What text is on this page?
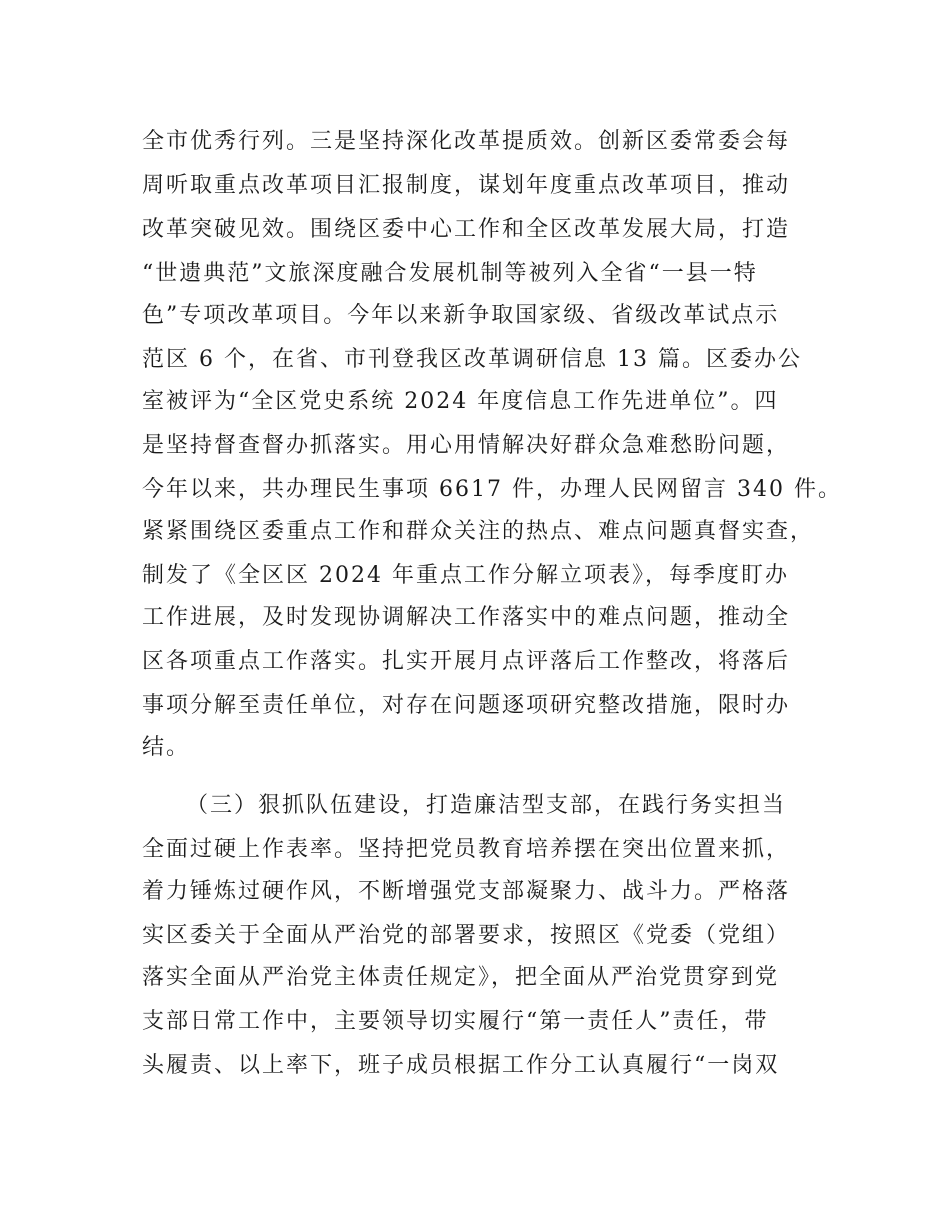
全市优秀行列。三是坚持深化改革提质效。创新区委常委会每
周听取重点改革项目汇报制度，谋划年度重点改革项目，推动
改革突破见效。围绕区委中心工作和全区改革发展大局，打造
“世遗典范”文旅深度融合发展机制等被列入全省“一县一特
色”专项改革项目。今年以来新争取国家级、省级改革试点示
范区 6 个，在省、市刊登我区改革调研信息 13 篇。区委办公
室被评为“全区党史系统 2024 年度信息工作先进单位”。四
是坚持督查督办抓落实。用心用情解决好群众急难愁盼问题，
今年以来，共办理民生事项 6617 件，办理人民网留言 340 件。
紧紧围绕区委重点工作和群众关注的热点、难点问题真督实查，
制发了《全区区 2024 年重点工作分解立项表》，每季度盯办
工作进展，及时发现协调解决工作落实中的难点问题，推动全
区各项重点工作落实。扎实开展月点评落后工作整改，将落后
事项分解至责任单位，对存在问题逐项研究整改措施，限时办
结。
（三）狠抓队伍建设，打造廉洁型支部，在践行务实担当
全面过硬上作表率。坚持把党员教育培养摆在突出位置来抓，
着力锤炼过硬作风，不断增强党支部凝聚力、战斗力。严格落
实区委关于全面从严治党的部署要求，按照区《党委（党组）
落实全面从严治党主体责任规定》，把全面从严治党贯穿到党
支部日常工作中，主要领导切实履行“第一责任人”责任，带
头履责、以上率下，班子成员根据工作分工认真履行“一岗双
